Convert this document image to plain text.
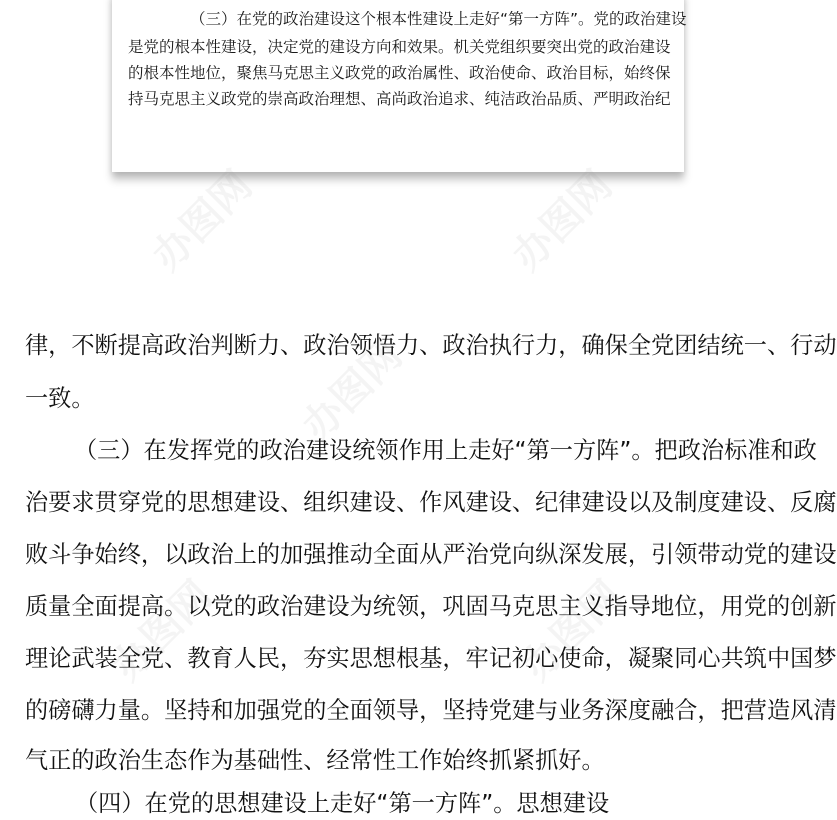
（三）在党的政治建设这个根本性建设上走好“第一方阵”。党的政治建设
是党的根本性建设，决定党的建设方向和效果。机关党组织要突出党的政治建设
的根本性地位，聚焦马克思主义政党的政治属性、政治使命、政治目标，始终保
持马克思主义政党的崇高政治理想、高尚政治追求、纯洁政治品质、严明政治纪
办图网	办图网
办图网
办图网	办图网
律，不断提高政治判断力、政治领悟力、政治执行力，确保全党团结统一、行动
一致。
（三）在发挥党的政治建设统领作用上走好“第一方阵”。把政治标准和政
治要求贯穿党的思想建设、组织建设、作风建设、纪律建设以及制度建设、反腐
败斗争始终，以政治上的加强推动全面从严治党向纵深发展，引领带动党的建设
质量全面提高。以党的政治建设为统领，巩固马克思主义指导地位，用党的创新
理论武装全党、教育人民，夯实思想根基，牢记初心使命，凝聚同心共筑中国梦
的磅礴力量。坚持和加强党的全面领导，坚持党建与业务深度融合，把营造风清
气正的政治生态作为基础性、经常性工作始终抓紧抓好。
（四）在党的思想建设上走好“第一方阵”。思想建设
